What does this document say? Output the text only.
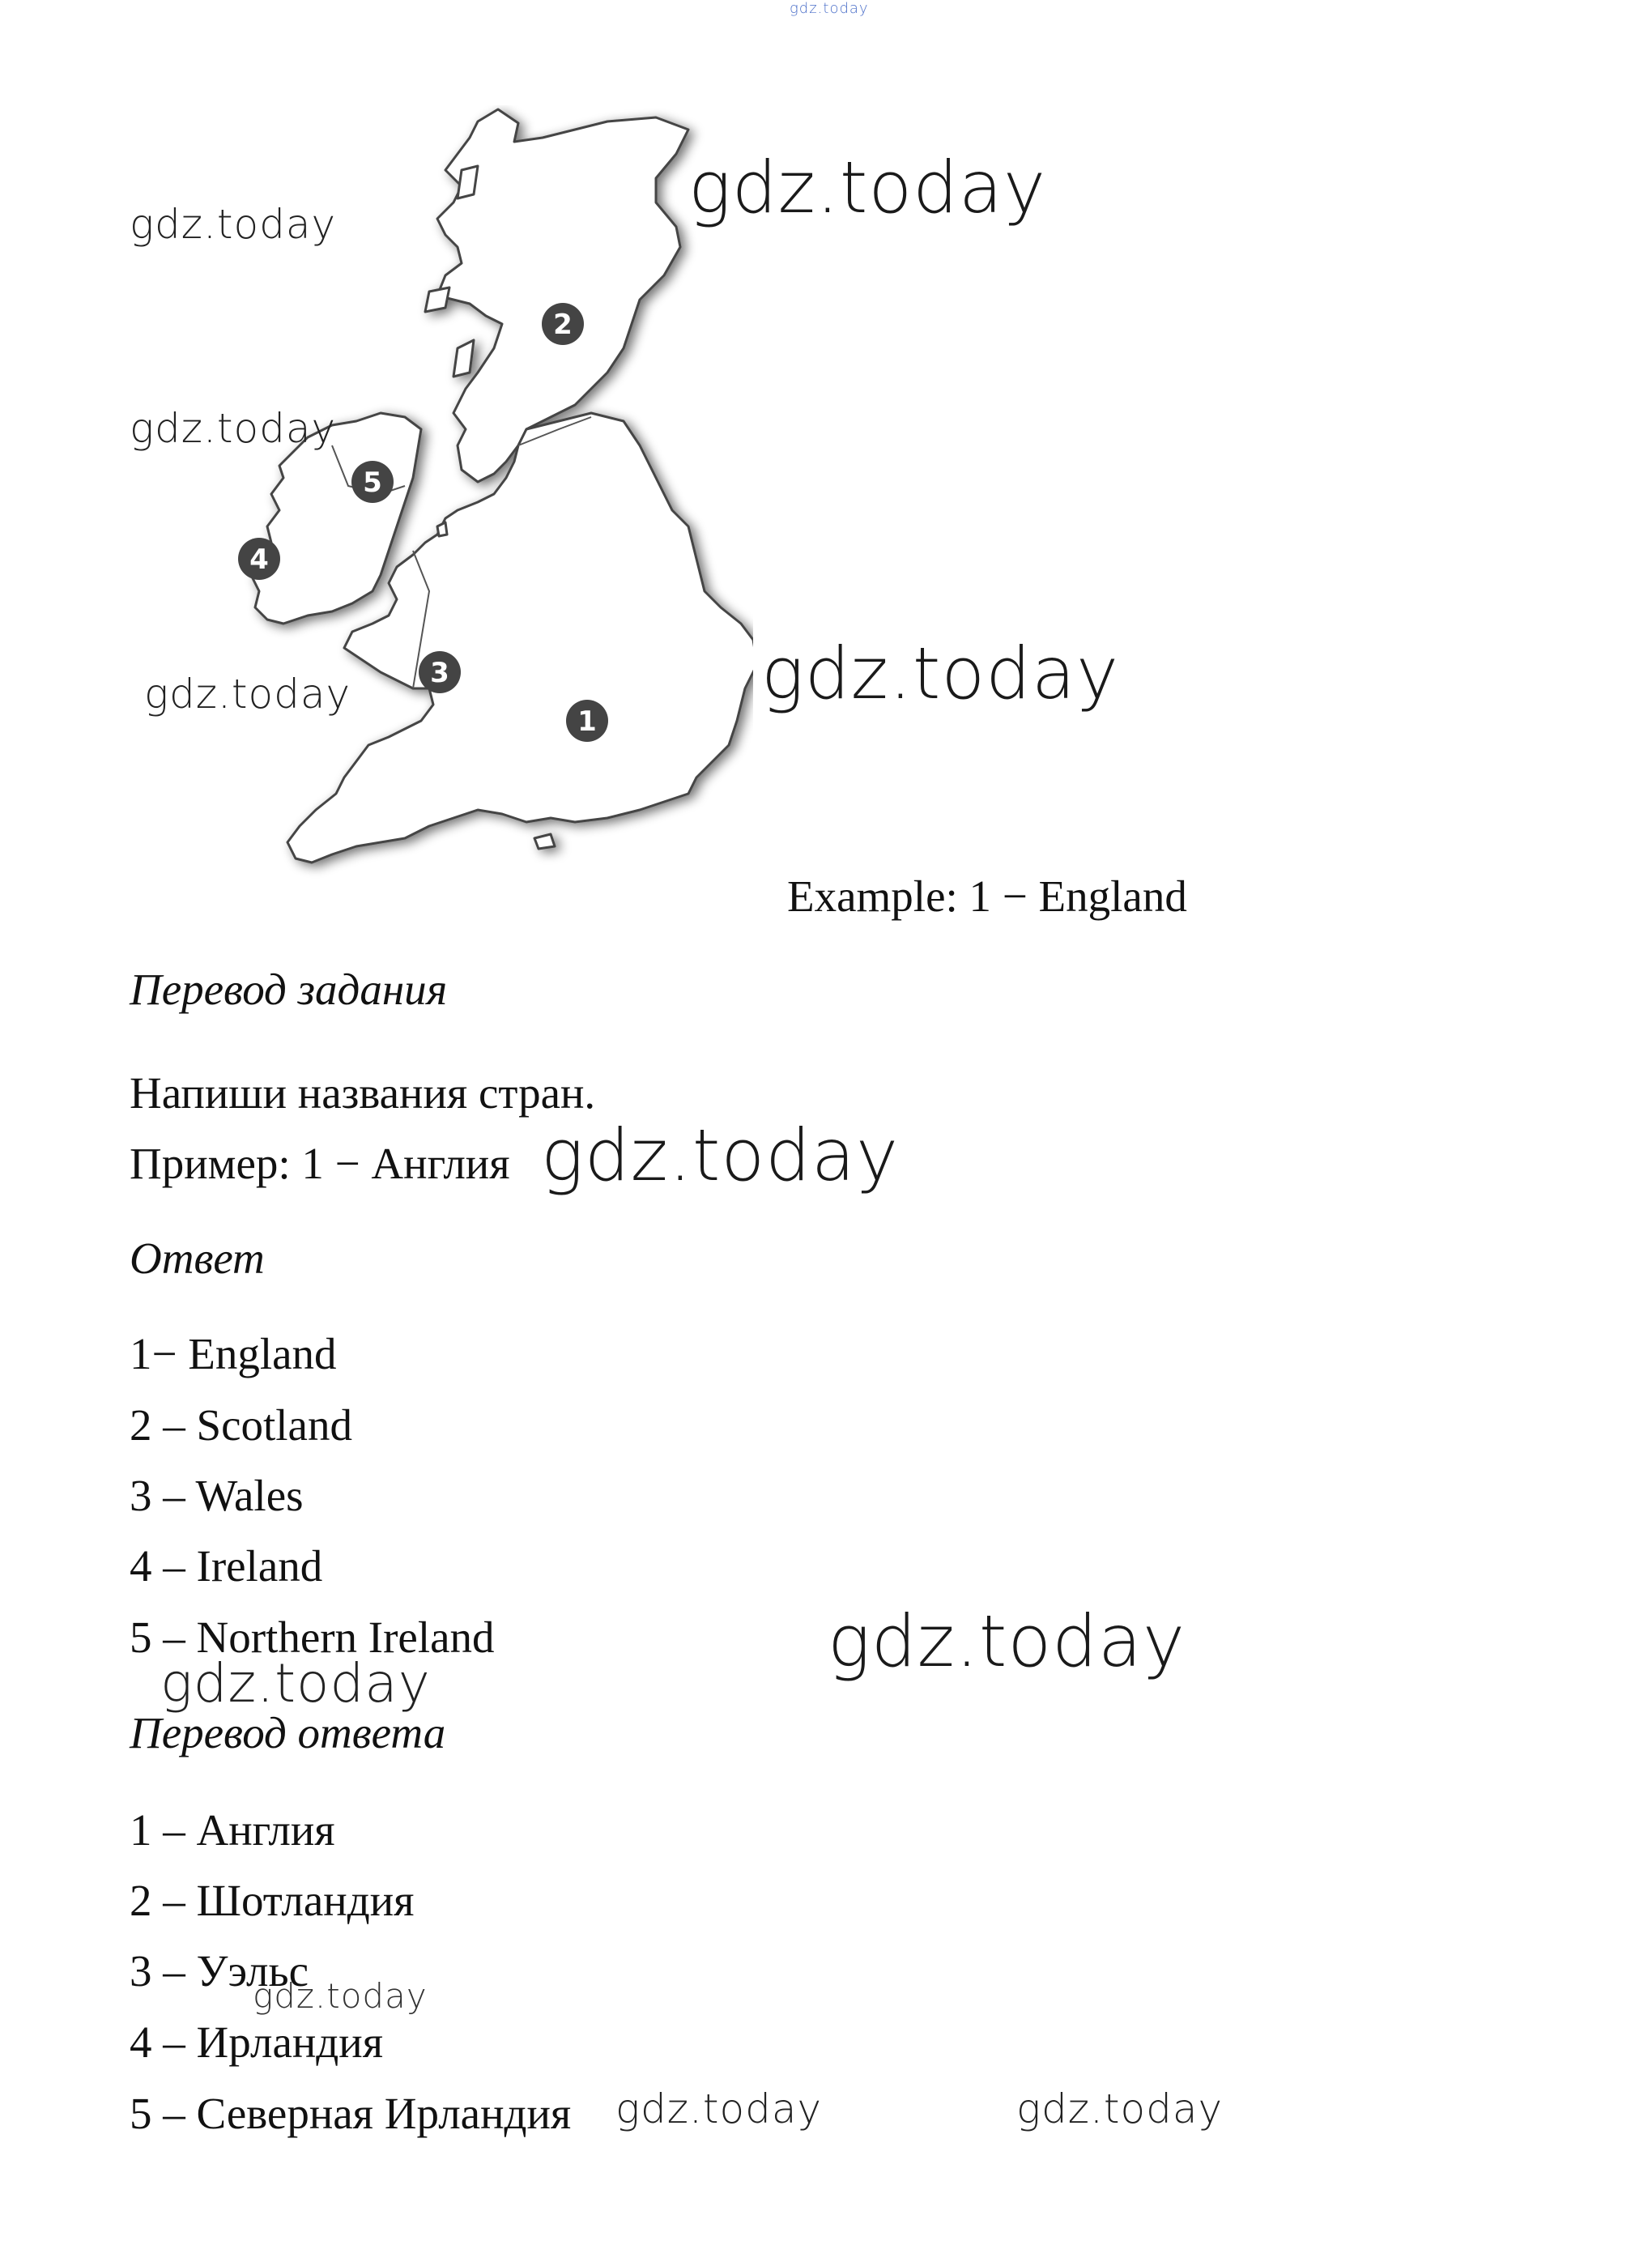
gdz.today
1
2
3
4
5
gdz.today
gdz.today
gdz.today
gdz.today	gdz.today
Example: 1 − England
Перевод задания
Напиши названия стран.
Пример: 1 − Англия gdz.today
Ответ
1− England
2 – Scotland
3 – Wales
4 – Ireland
5 – Northern Ireland	gdz.today
gdz.today
Перевод ответа
1 – Англия
2 – Шотландия
3 – Уэльс
gdz.today
4 – Ирландия
5 – Северная Ирландия gdz.today	gdz.today
